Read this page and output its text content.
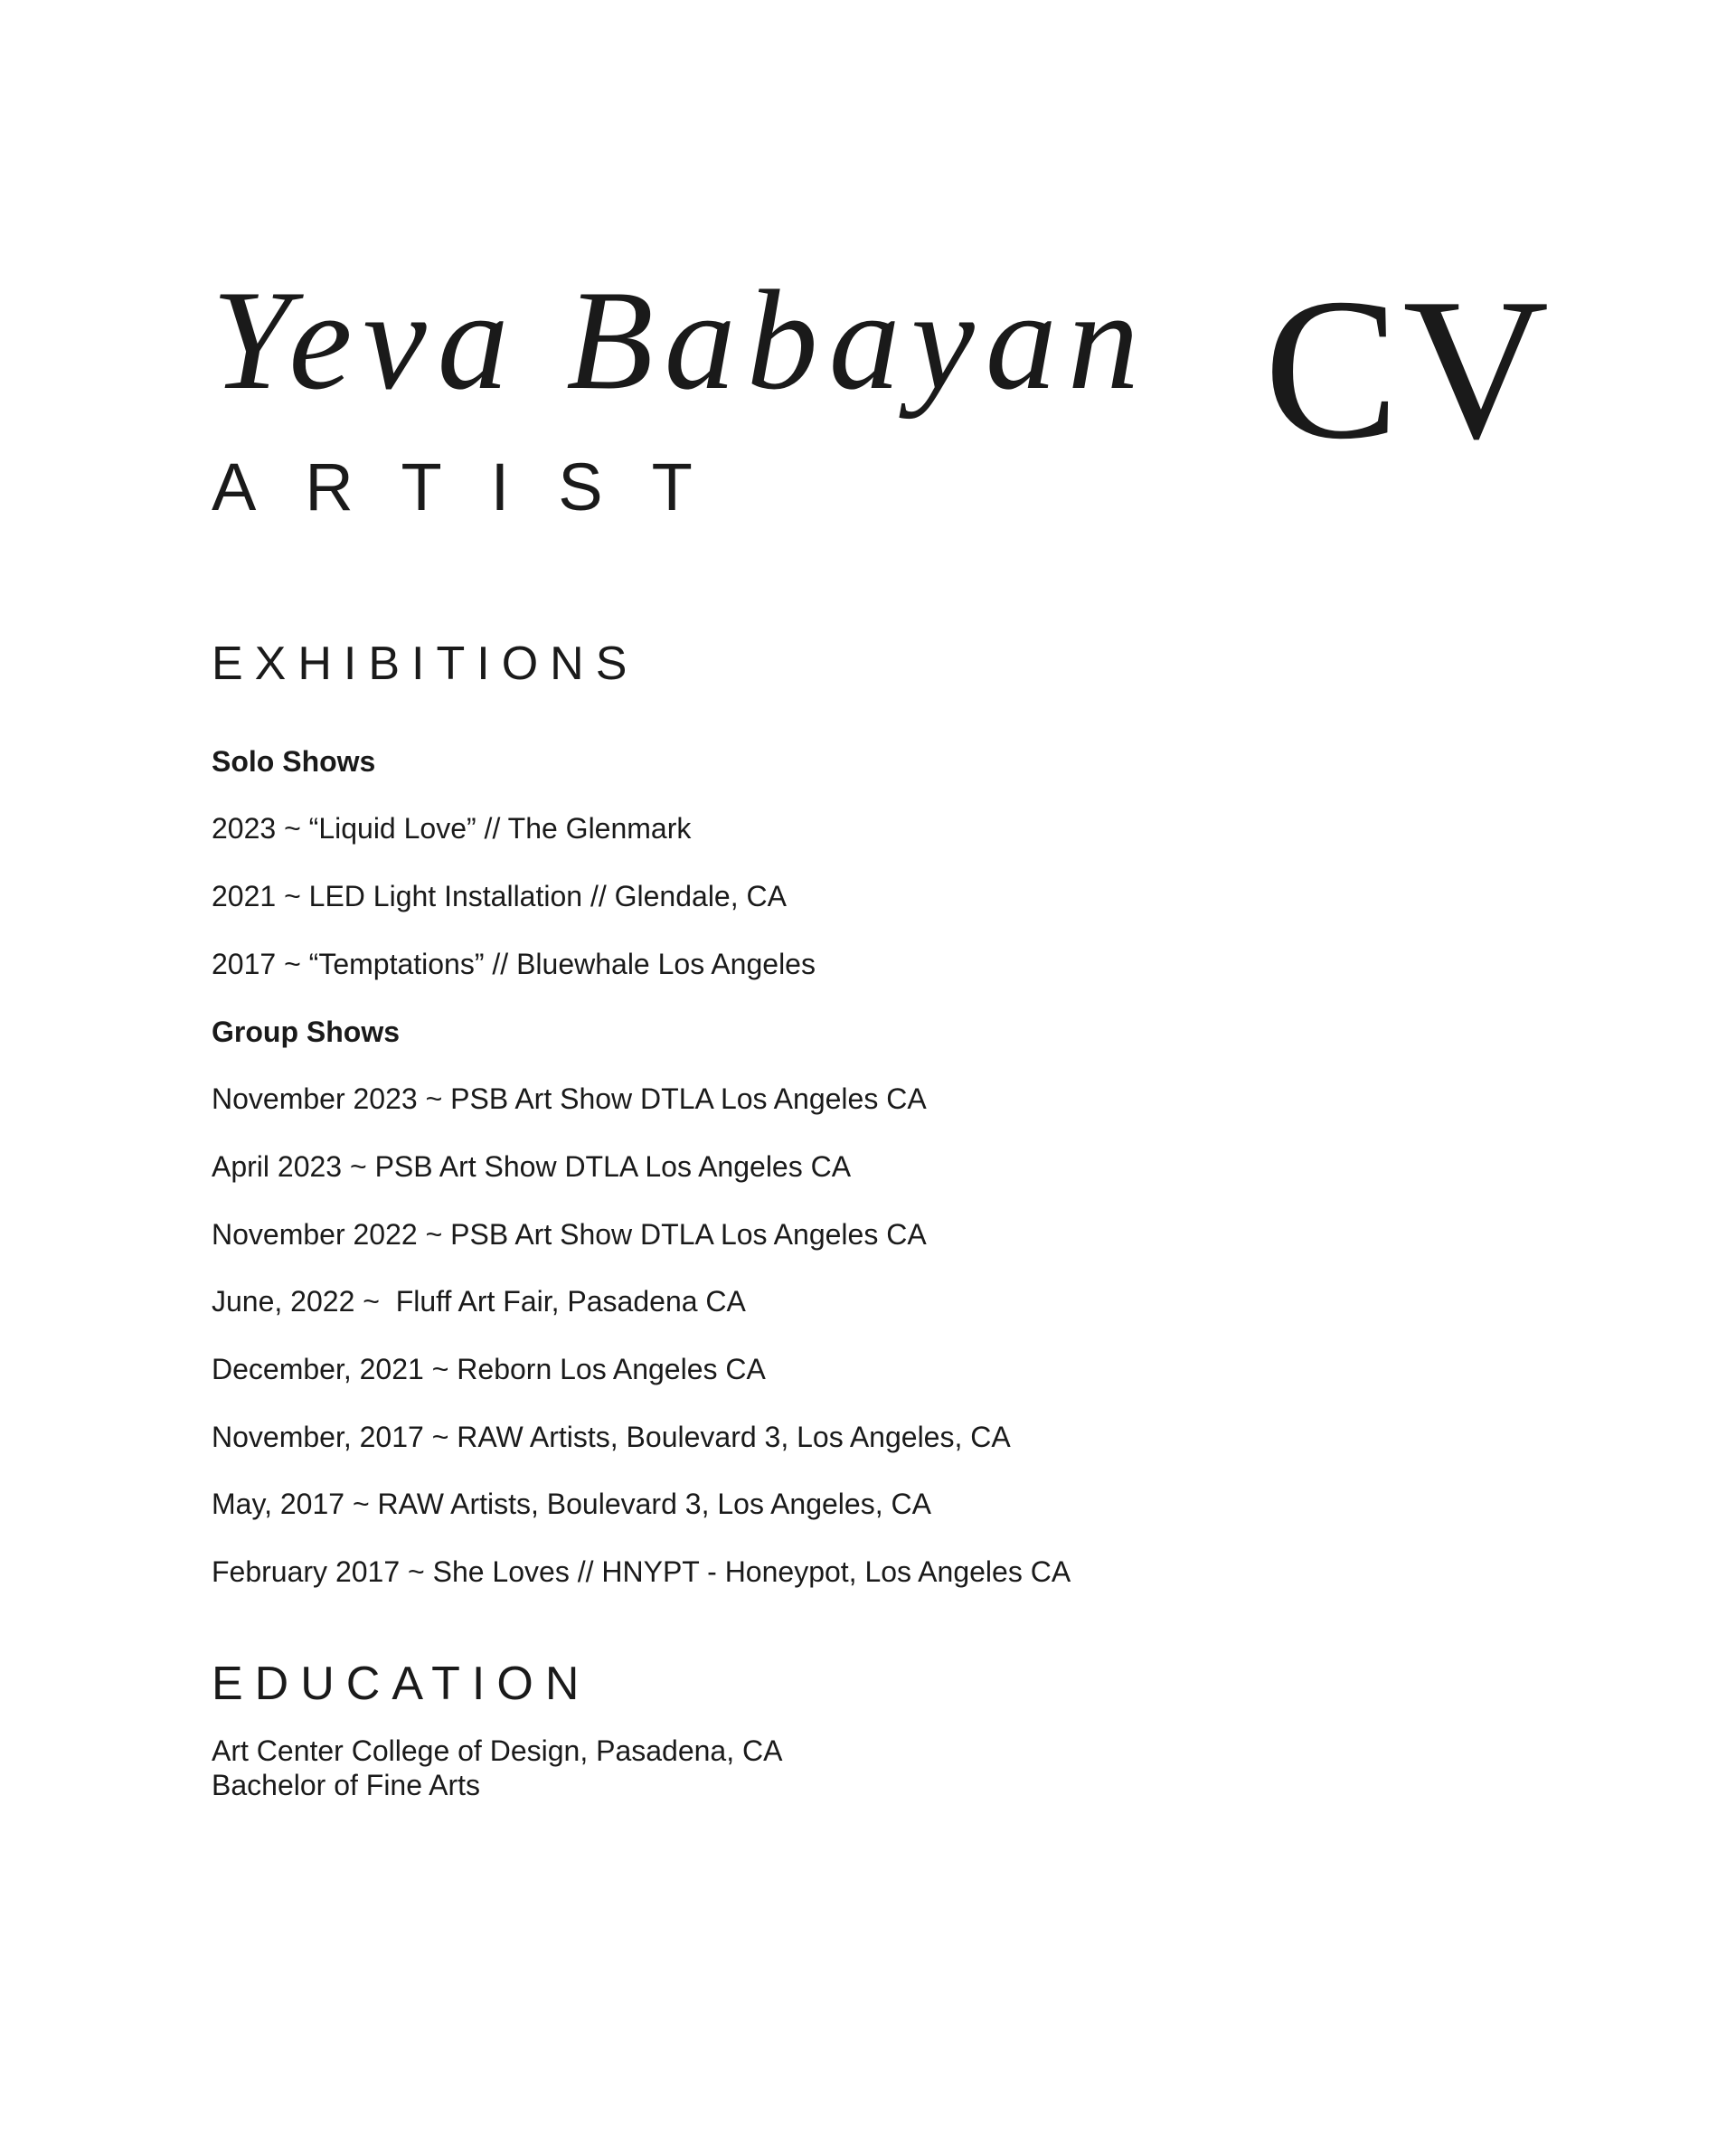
Yeva Babayan
ARTIST
CV
EXHIBITIONS
Solo Shows
2023 ~ “Liquid Love” // The Glenmark
2021 ~ LED Light Installation // Glendale, CA
2017 ~ “Temptations” // Bluewhale Los Angeles
Group Shows
November 2023 ~ PSB Art Show DTLA Los Angeles CA
April 2023 ~ PSB Art Show DTLA Los Angeles CA
November 2022 ~ PSB Art Show DTLA Los Angeles CA
June, 2022 ~  Fluff Art Fair, Pasadena CA
December, 2021 ~ Reborn Los Angeles CA
November, 2017 ~ RAW Artists, Boulevard 3, Los Angeles, CA
May, 2017 ~ RAW Artists, Boulevard 3, Los Angeles, CA
February 2017 ~ She Loves // HNYPT - Honeypot, Los Angeles CA
EDUCATION
Art Center College of Design, Pasadena, CA
Bachelor of Fine Arts
